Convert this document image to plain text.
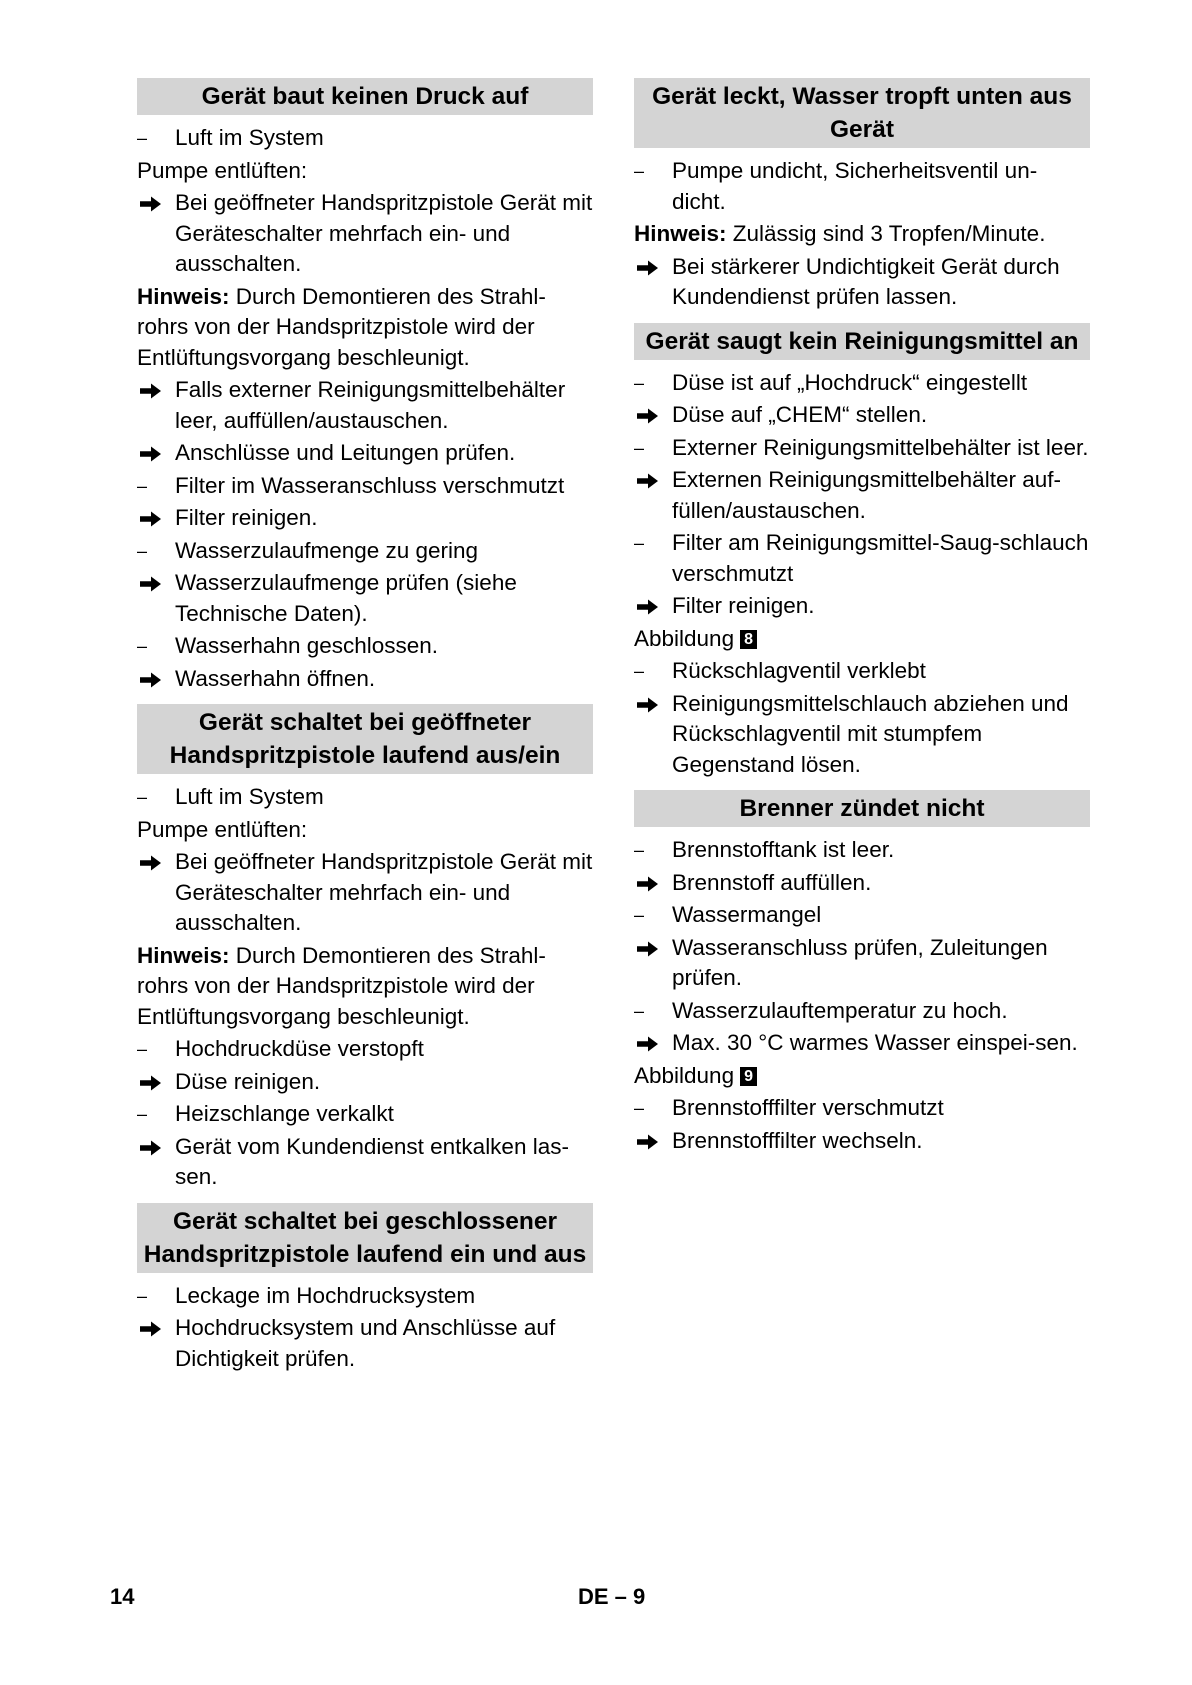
Gerät baut keinen Druck auf
–	Luft im System
Pumpe entlüften:
Bei geöffneter Handspritzpistole Gerät mit Geräteschalter mehrfach ein- und ausschalten.
Hinweis: Durch Demontieren des Strahl-rohrs von der Handspritzpistole wird der Entlüftungsvorgang beschleunigt.
Falls externer Reinigungsmittelbehälter leer, auffüllen/austauschen.
Anschlüsse und Leitungen prüfen.
–	Filter im Wasseranschluss verschmutzt
Filter reinigen.
–	Wasserzulaufmenge zu gering
Wasserzulaufmenge prüfen (siehe Technische Daten).
–	Wasserhahn geschlossen.
Wasserhahn öffnen.
Gerät schaltet bei geöffneter Handspritzpistole laufend aus/ein
–	Luft im System
Pumpe entlüften:
Bei geöffneter Handspritzpistole Gerät mit Geräteschalter mehrfach ein- und ausschalten.
Hinweis: Durch Demontieren des Strahl-rohrs von der Handspritzpistole wird der Entlüftungsvorgang beschleunigt.
–	Hochdruckdüse verstopft
Düse reinigen.
–	Heizschlange verkalkt
Gerät vom Kundendienst entkalken las-sen.
Gerät schaltet bei geschlossener Handspritzpistole laufend ein und aus
–	Leckage im Hochdrucksystem
Hochdrucksystem und Anschlüsse auf Dichtigkeit prüfen.
Gerät leckt, Wasser tropft unten aus Gerät
–	Pumpe undicht, Sicherheitsventil un-dicht.
Hinweis: Zulässig sind 3 Tropfen/Minute.
Bei stärkerer Undichtigkeit Gerät durch Kundendienst prüfen lassen.
Gerät saugt kein Reinigungsmittel an
–	Düse ist auf „Hochdruck“ eingestellt
Düse auf „CHEM“ stellen.
–	Externer Reinigungsmittelbehälter ist leer.
Externen Reinigungsmittelbehälter auf-füllen/austauschen.
–	Filter am Reinigungsmittel-Saug-schlauch verschmutzt
Filter reinigen.
Abbildung 8
–	Rückschlagventil verklebt
Reinigungsmittelschlauch abziehen und Rückschlagventil mit stumpfem Gegenstand lösen.
Brenner zündet nicht
–	Brennstofftank ist leer.
Brennstoff auffüllen.
–	Wassermangel
Wasseranschluss prüfen, Zuleitungen prüfen.
–	Wasserzulauftemperatur zu hoch.
Max. 30 °C warmes Wasser einspei-sen.
Abbildung 9
–	Brennstofffilter verschmutzt
Brennstofffilter wechseln.
14	DE – 9
